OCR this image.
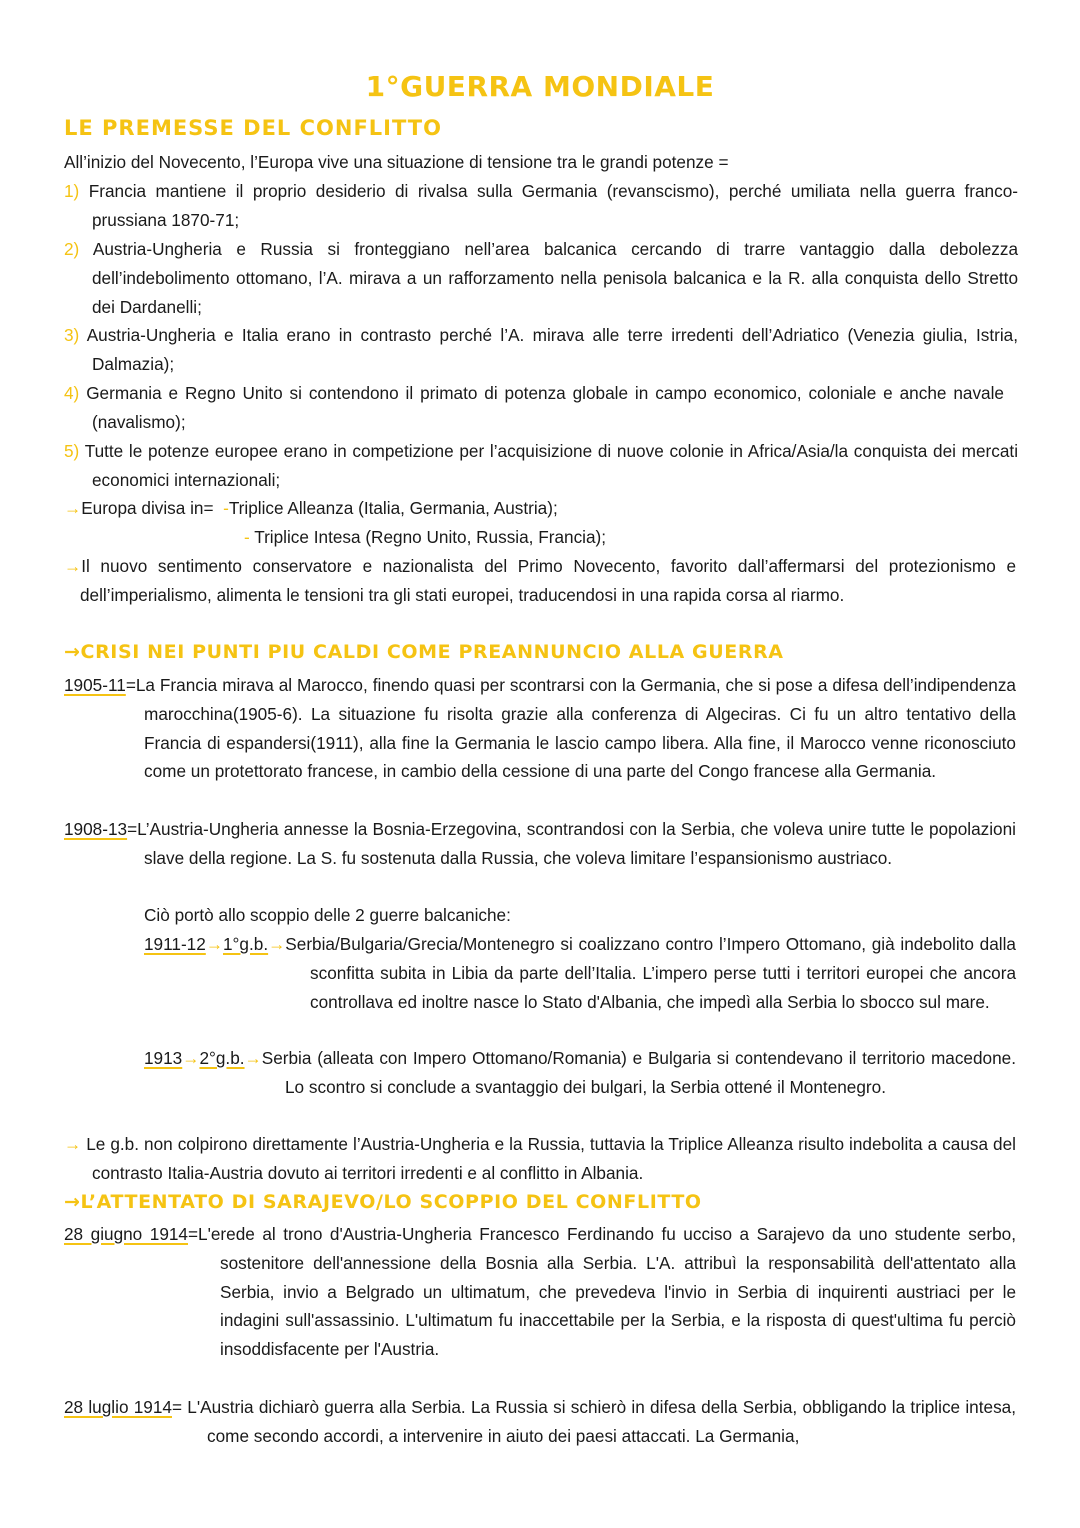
1°GUERRA MONDIALE
LE PREMESSE DEL CONFLITTO
All’inizio del Novecento, l’Europa vive una situazione di tensione tra le grandi potenze =
1) Francia mantiene il proprio desiderio di rivalsa sulla Germania (revanscismo), perché umiliata nella guerra franco-prussiana 1870-71;
2) Austria-Ungheria e Russia si fronteggiano nell’area balcanica cercando di trarre vantaggio dalla debolezza dell’indebolimento ottomano, l’A. mirava a un rafforzamento nella penisola balcanica e la R. alla conquista dello Stretto dei Dardanelli;
3) Austria-Ungheria e Italia erano in contrasto perché l’A. mirava alle terre irredenti dell’Adriatico (Venezia giulia, Istria, Dalmazia);
4) Germania e Regno Unito si contendono il primato di potenza globale in campo economico, coloniale e anche navale (navalismo);
5) Tutte le potenze europee erano in competizione per l’acquisizione di nuove colonie in Africa/Asia/la conquista dei mercati economici internazionali;
→Europa divisa in=  -Triplice Alleanza (Italia, Germania, Austria);
- Triplice Intesa (Regno Unito, Russia, Francia);
→Il nuovo sentimento conservatore e nazionalista del Primo Novecento, favorito dall’affermarsi del protezionismo e dell’imperialismo, alimenta le tensioni tra gli stati europei, traducendosi in una rapida corsa al riarmo.
→CRISI NEI PUNTI PIU CALDI COME PREANNUNCIO ALLA GUERRA
1905-11=La Francia mirava al Marocco, finendo quasi per scontrarsi con la Germania, che si pose a difesa dell’indipendenza marocchina(1905-6). La situazione fu risolta grazie alla conferenza di Algeciras. Ci fu un altro tentativo della Francia di espandersi(1911), alla fine la Germania le lascio campo libera. Alla fine, il Marocco venne riconosciuto come un protettorato francese, in cambio della cessione di una parte del Congo francese alla Germania.
1908-13=L’Austria-Ungheria annesse la Bosnia-Erzegovina, scontrandosi con la Serbia, che voleva unire tutte le popolazioni slave della regione. La S. fu sostenuta dalla Russia, che voleva limitare l’espansionismo austriaco.
Ciò portò allo scoppio delle 2 guerre balcaniche:
1911-12→1°g.b.→Serbia/Bulgaria/Grecia/Montenegro si coalizzano contro l’Impero Ottomano, già indebolito dalla sconfitta subita in Libia da parte dell’Italia. L’impero perse tutti i territori europei che ancora controllava ed inoltre nasce lo Stato d'Albania, che impedì alla Serbia lo sbocco sul mare.
1913→2°g.b.→Serbia (alleata con Impero Ottomano/Romania) e Bulgaria si contendevano il territorio macedone. Lo scontro si conclude a svantaggio dei bulgari, la Serbia ottené il Montenegro.
→ Le g.b. non colpirono direttamente l’Austria-Ungheria e la Russia, tuttavia la Triplice Alleanza risulto indebolita a causa del contrasto Italia-Austria dovuto ai territori irredenti e al conflitto in Albania.
→L’ATTENTATO DI SARAJEVO/LO SCOPPIO DEL CONFLITTO
28 giugno 1914=L'erede al trono d'Austria-Ungheria Francesco Ferdinando fu ucciso a Sarajevo da uno studente serbo, sostenitore dell'annessione della Bosnia alla Serbia. L'A. attribuì la responsabilità dell'attentato alla Serbia, invio a Belgrado un ultimatum, che prevedeva l'invio in Serbia di inquirenti austriaci per le indagini sull'assassinio. L'ultimatum fu inaccettabile per la Serbia, e la risposta di quest'ultima fu perciò insoddisfacente per l'Austria.
28 luglio 1914= L'Austria dichiarò guerra alla Serbia. La Russia si schierò in difesa della Serbia, obbligando la triplice intesa, come secondo accordi, a intervenire in aiuto dei paesi attaccati. La Germania,
